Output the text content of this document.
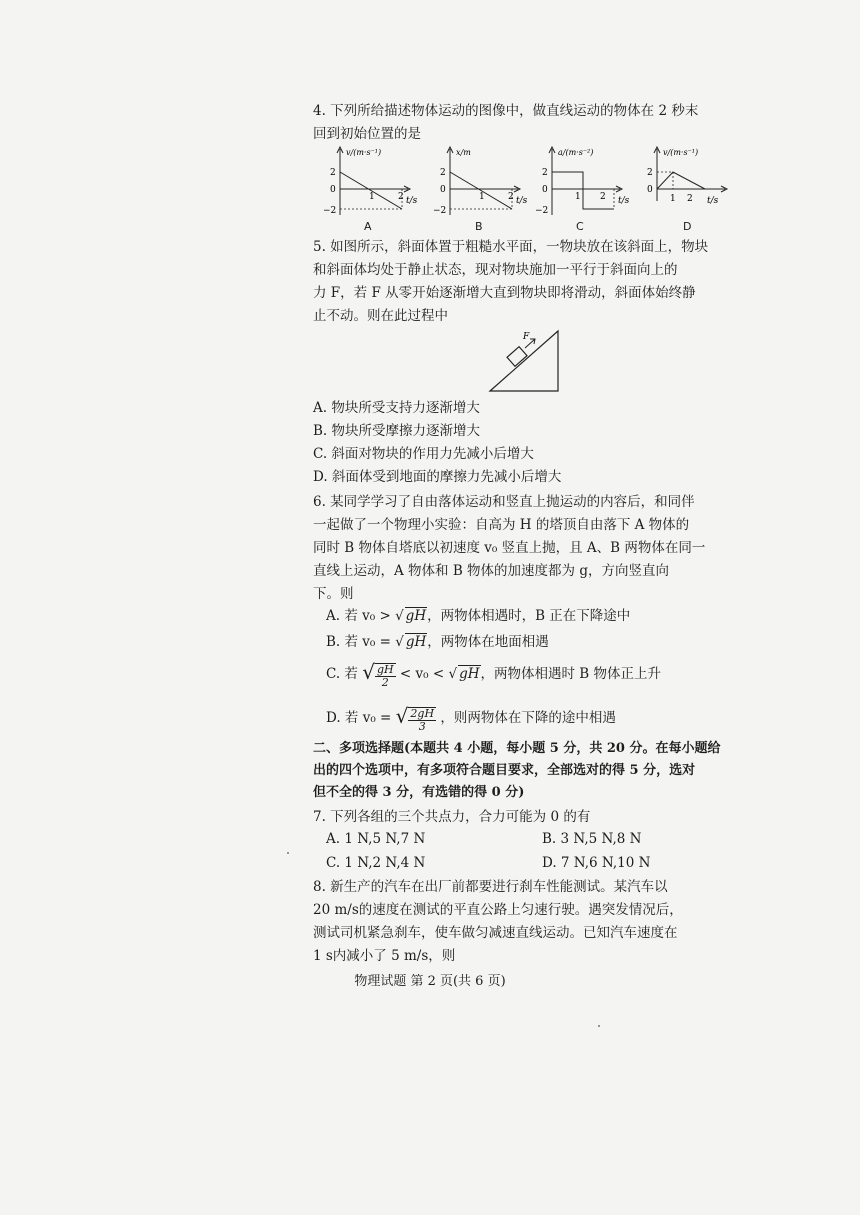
4. 下列所给描述物体运动的图像中，做直线运动的物体在 2 秒末
回到初始位置的是
v/(m·s⁻¹)
2
0
−2
1	2 t/s
A
x/m
2
0
−2
1	2 t/s
B
a/(m·s⁻²)
2
0
−2
1 2 t/s
C
v/(m·s⁻¹)
2
0
1 2 t/s
D
5. 如图所示，斜面体置于粗糙水平面，一物块放在该斜面上，物块
和斜面体均处于静止状态，现对物块施加一平行于斜面向上的
力 F，若 F 从零开始逐渐增大直到物块即将滑动，斜面体始终静
止不动。则在此过程中
F
A. 物块所受支持力逐渐增大
B. 物块所受摩擦力逐渐增大
C. 斜面对物块的作用力先减小后增大
D. 斜面体受到地面的摩擦力先减小后增大
6. 某同学学习了自由落体运动和竖直上抛运动的内容后，和同伴
一起做了一个物理小实验：自高为 H 的塔顶自由落下 A 物体的
同时 B 物体自塔底以初速度 v₀ 竖直上抛，且 A、B 两物体在同一
直线上运动，A 物体和 B 物体的加速度都为 g，方向竖直向
下。则
A. 若 v₀ > √ gH，两物体相遇时，B 正在下降途中
B. 若 v₀ = √ gH，两物体在地面相遇
C. 若 √ $\frac{gH}{2} < v_0$ < √ gH，两物体相遇时 B 物体正上升
D. 若 v₀ = √ $\frac{2gH}{3}$ ，则两物体在下降的途中相遇
二、多项选择题(本题共 4 小题，每小题 5 分，共 20 分。在每小题给
出的四个选项中，有多项符合题目要求，全部选对的得 5 分，选对
但不全的得 3 分，有选错的得 0 分)
7. 下列各组的三个共点力，合力可能为 0 的有
A. 1 N,5 N,7 N	B. 3 N,5 N,8 N
C. 1 N,2 N,4 N	D. 7 N,6 N,10 N
8. 新生产的汽车在出厂前都要进行刹车性能测试。某汽车以
20 m/s的速度在测试的平直公路上匀速行驶。遇突发情况后，
测试司机紧急刹车，使车做匀减速直线运动。已知汽车速度在
1 s内减小了 5 m/s，则
物理试题 第 2 页(共 6 页)
